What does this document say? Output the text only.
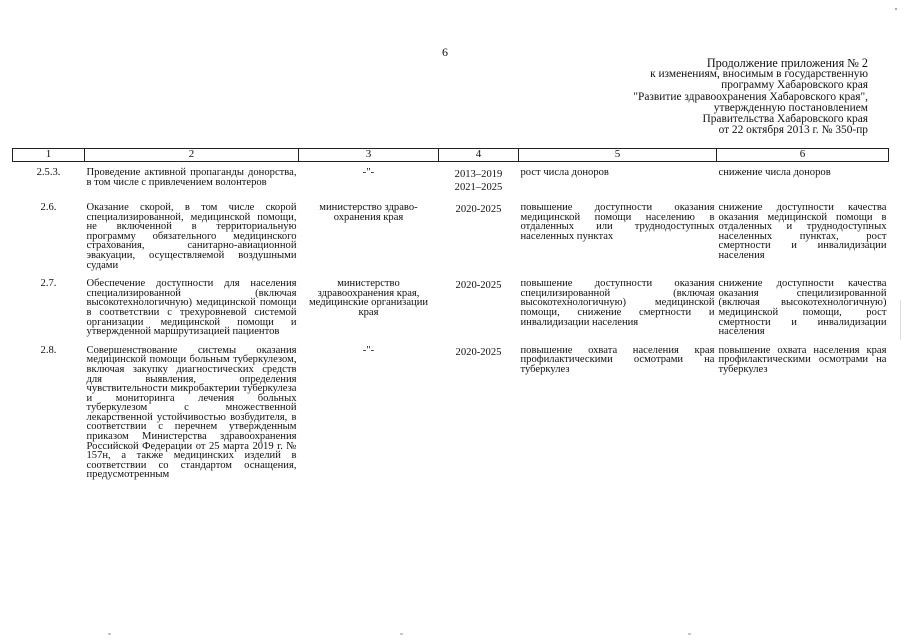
6
Продолжение приложения № 2
к изменениям, вносимым в государственную
программу Хабаровского края
"Развитие здравоохранения Хабаровского края",
утвержденную постановлением
Правительства Хабаровского края
от 22 октября 2013 г. № 350-пр
1	2	3	4	5	6
2.5.3.	Проведение активной пропаганды донорства, в том числе с привлечением волонтеров	-"-	2013–2019
2021–2025	рост числа доноров	снижение числа доноров
2.6.	Оказание скорой, в том числе скорой специализированной, медицинской помощи, не включенной в территориальную программу обязательного медицинского страхования, санитарно-авиационной эвакуации, осуществляемой воздушными судами	министерство здраво-охранения края	2020-2025	повышение доступности оказания медицинской помощи населению в отдаленных или труднодоступных населенных пунктах	снижение доступности качества оказания медицинской помощи в отдаленных и труднодоступных населенных пунктах, рост смертности и инвалидизации населения
2.7.	Обеспечение доступности для населения специализированной (включая высокотехнологичную) медицинской помощи в соответствии с трехуровневой системой организации медицинской помощи и утвержденной маршрутизацией пациентов	министерство здравоохранения края, медицинские организации края	2020-2025	повышение доступности оказания специлизированной (включая высокотехнологичную) медицинской помощи, снижение смертности и инвалидизации населения	снижение доступности качества оказания специлизированной (включая высокотехнологичную) медицинской помощи, рост смертности и инвалидизации населения
2.8.	Совершенствование системы оказания медицинской помощи больным туберкулезом, включая закупку диагностических средств для выявления, определения чувствительности микробактерии туберкулеза и мониторинга лечения больных туберкулезом с множественной лекарственной устойчивостью возбудителя, в соответствии с перечнем утвержденным приказом Министерства здравоохранения Российской Федерации от 25 марта 2019 г. № 157н, а также медицинских изделий в соответствии со стандартом оснащения, предусмотренным	-"-	2020-2025	повышение охвата населения края профилактическими осмотрами на туберкулез	повышение охвата населения края профилактическими осмотрами на туберкулез
